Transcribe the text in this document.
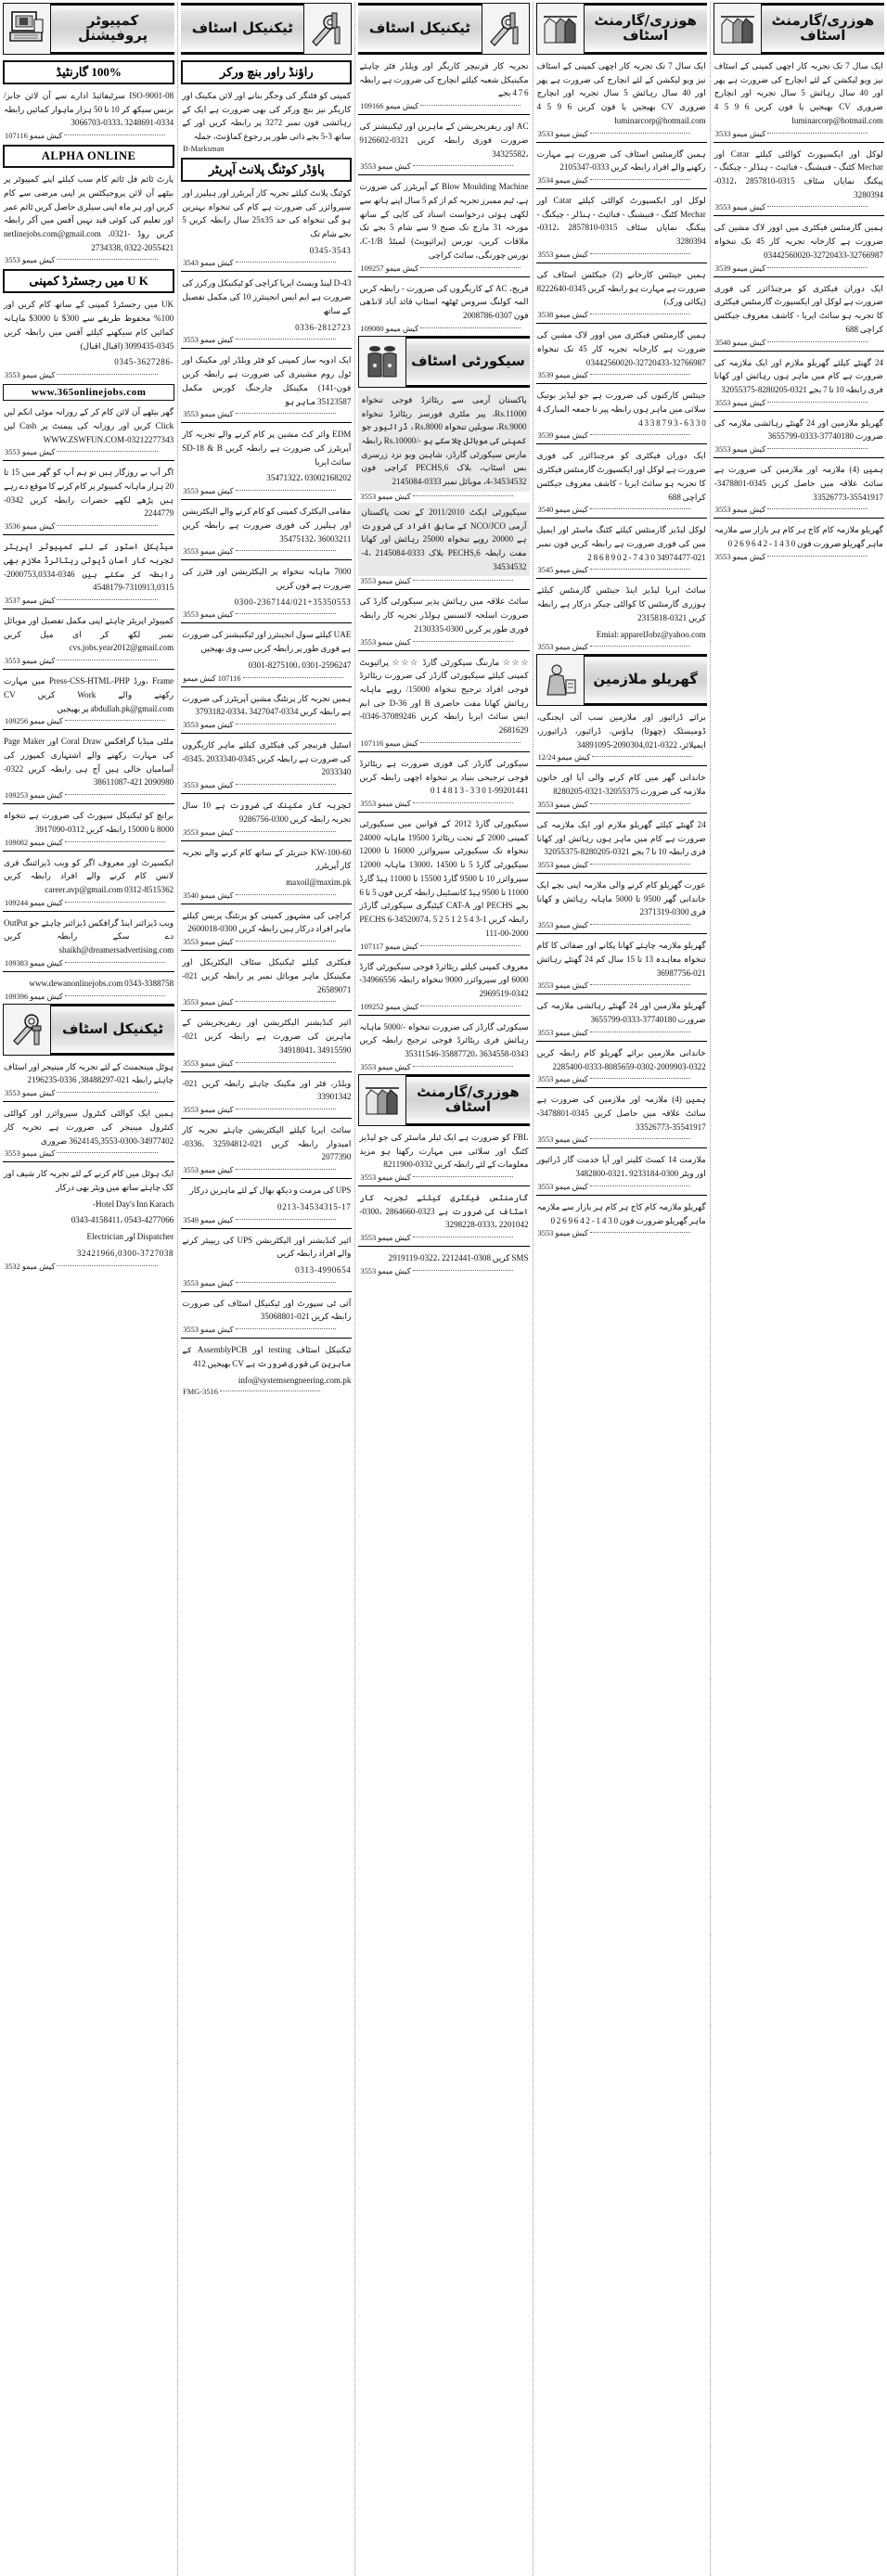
کمپیوٹر
پروفیشنل
100% گارنٹیڈ
ISO-9001-08 سرٹیفائیڈ ادارے سے آن لائن جابز/ بزنس سیکھ کر 10 تا 50 ہزار ماہوار کمائیں رابطہ 0334-3248691 ،0333-3066703
کیش میمو 107116
ALPHA ONLINE
پارٹ ٹائم فل ٹائم کام سب کیلئے اپنے کمپیوٹر پر بیٹھے آن لائن پروجیکٹس پر اپنی مرضی سے کام کریں اور ہر ماہ اپنی سیلری حاصل کریں ٹائم عمر اور تعلیم کی کوئی قید نہیں آفس میں آکر رابطہ کریں روڈ netlinejobs.com@gmail.com ،0321-2734338, 0322-2055421
کیش میمو 3553
U K میں رجسٹرڈ کمپنی
UK میں رجسٹرڈ کمپنی کے ساتھ کام کریں اور 100% محفوظ طریقے سے 300$ تا 3000$ ماہانہ کمائیں کام سیکھنے کیلئے آفس میں رابطہ کریں 0345-3099435 (اقبال اقبال)
-0345-3627286
کیش میمو 3553
www.365onlinejobs.com
گھر بیٹھے آن لائن کام کر کے روزانہ موٹی انکم لیں Click کریں اور روزانہ کی پیمنٹ پر Cash لیں WWW.ZSWFUN.COM-03212277343
کیش میمو 3553
اگر آپ بے روزگار ہیں تو ہم آپ کو گھر میں 15 تا 20 ہزار ماہانہ کمپیوٹر پر کام کرنے کا موقع دے رہے ہیں پڑھے لکھے حضرات رابطہ کریں 0342-2244779
کیش میمو 3536
میڈیکل اسٹور کے لئے کمپیوٹر آپریٹر تجربہ کار آسان ڈیوٹی ریٹائرڈ ملازم بھی رابطہ کر سکتے ہیں 0346-2000753,0334-7310913,0315-4548179
کیش میمو 3537
کمپیوٹر اپریٹر چاہئے اپنی مکمل تفصیل اور موبائل نمبر لکھ کر ای میل کریں cvs.jobs.year2012@gmail.com
کیش میمو 3553
Frame ،ورڈ Press-CSS-HTML-PHP میں مہارت رکھنے والے Work کریں CV abdullah.pk@gmail.com پر بھیجیں
کیش میمو 109256
ملٹی میڈیا گرافکس Coral Draw اور Page Maker کی مہارت رکھنے والے اشتہاری کمپوزر کی آسامیاں خالی ہیں آج ہی رابطہ کریں 0322-2090980 421-38611087
کیش میمو 109253
برانچ کو ٹیکنیکل سپورٹ کی ضرورت ہے تنخواہ 8000 تا 15000 رابطہ کریں 0312-3917090
کیش میمو 109082
ایکسپرٹ اور معروف اگر کو ویب ڈیزائننگ فری لانس کام کرنے والے افراد رابطہ کریں career.avp@gmail.com 0312-8515362
کیش میمو 109244
ویب ڈیزائنر اینڈ گرافکس ڈیزائنر چاہئے جو OutPut دے سکے رابطہ کریں shaikh@dreamersadvertising.com
کیش میمو 109383
www.dewanonlinejobs.com 0343-3388758
کیش میمو 109396
ٹیکنیکل اسٹاف
ہوٹل مینجمنٹ کے لئے تجربہ کار مینیجر اور اسٹاف چاہئے رابطہ 021-38488297, 0336-2196235
کیش میمو 3553
ہمیں ایک کوالٹی کنٹرول سپروائزر اور کوالٹی کنٹرول مینیجر کی ضرورت ہے تجربہ کار 34977402-0300-3624145,3553 ضروری
کیش میمو 3553
ایک ہوٹل میں کام کرنے کے لئے تجربہ کار شیف اور کک چاہئے ساتھ میں ویٹر بھی درکار
Hotel Day's Inn Karach-
0543-4277066 ،0343-4158411
Dispatcher اور Electrician
32421966,0300-3727038
کیش میمو 3532
ٹیکنیکل اسٹاف
راؤنڈ راور بنچ ورکر
کمپنی کو فٹنگز کی وجگر بنانے اور لائن مکینک اور کاریگر نیز بنچ ورکر کی بھی ضرورت ہے ایک کے رہائشی فون نمبر 3272 پر رابطہ کریں اور کے ساتھ 3-5 بجے ذاتی طور پر رجوع کماؤنٹ، جملہ
B-Marksman
پاؤڈر کوٹنگ پلانٹ آپریٹر
کوٹنگ پلانٹ کیلئے تجربہ کار آپریٹرز اور ہیلپرز اور سپروائزر کی ضرورت ہے کام کی تنخواہ بہترین ہو گی تنخواہ کی حد 25x35 سال رابطہ کریں 5 بجے شام تک
0345-3543
کیش میمو 3543
D-43 لینڈ ویسٹ ایریا کراچی کو ٹیکنیکل ورکرز کی ضرورت ہے ایم ایس انجینئرز 10 کی مکمل تفصیل کے ساتھ
0336-2812723
کیش میمو 3553
ایک ادویہ ساز کمپنی کو فٹر ویلڈر اور مکینک اور ٹول روم مشینری کی ضرورت ہے رابطہ کریں فون-141) مکینکل چارجنگ کورس مکمل 35123587 ماہر ہو
کیش میمو 3553
EDM وائر کٹ مشین پر کام کرنے والے تجربہ کار آپریٹرز کی ضرورت ہے رابطہ کریں SD-18 & B سائٹ ایریا
03002168202 ،35471322
کیش میمو 3553
مقامی الیکٹرک کمپنی کو کام کرنے والے الیکٹریشن اور ہیلپرز کی فوری ضرورت ہے رابطہ کریں 36003211 ،35475132
کیش میمو 3553
7000 ماہانہ تنخواہ پر الیکٹریشن اور فٹرز کی ضرورت ہے فون کریں
0300-2367144/021+35350553
کیش میمو 3553
UAE کیلئے سول انجینئرز اور ٹیکنیشنز کی ضرورت ہے فوری طور پر رابطہ کریں سی وی بھیجیں
0301-2596247 ،0301-8275100
107116 کیش میمو
ہمیں تجربہ کار پرنٹنگ مشین آپریٹرز کی ضرورت ہے رابطہ کریں 0334-3427047 ،0334-3793182
کیش میمو 3553
اسٹیل فرنیچر کی فیکٹری کیلئے ماہر کاریگروں کی ضرورت ہے رابطہ کریں 0345-2033340 ،0345-2033340
کیش میمو 3553
تجربہ کار مکینک کی ضرورت ہے 10 سال تجربہ رابطہ کریں 0300-9286756
کیش میمو 3553
KW-100-60 جنریٹر کے ساتھ کام کرنے والے تجربہ کار آپریٹرز
maxoil@maxim.pk
کیش میمو 3540
کراچی کی مشہور کمپنی کو پرنٹنگ پریس کیلئے ماہر افراد درکار ہیں رابطہ کریں 0300-2600018
کیش میمو 3553
فیکٹری کیلئے ٹیکنیکل سٹاف الیکٹریکل اور مکینیکل ماہر موبائل نمبر پر رابطہ کریں 021-26589071
کیش میمو 3553
ائیر کنڈیشنر الیکٹریشن اور ریفریجریشن کے ماہرین کی ضرورت ہے رابطہ کریں 021-34915590 ،34918041
کیش میمو 3553
ویلڈر، فٹر اور مکینک چاہئے رابطہ کریں 021-33901342
کیش میمو 3553
سائٹ ایریا کیلئے الیکٹریشن چاہئے تجربہ کار امیدوار رابطہ کریں 021-32594812 ،0336-2077390
کیش میمو 3553
UPS کی مرمت و دیکھ بھال کے لئے ماہرین درکار
0213-34534315-17
کیش میمو 3549
ائیر کنڈیشنر اور الیکٹریشن UPS کی ریپیئر کرنے والے افراد رابطہ کریں
0313-4990654
کیش میمو 3553
آئی ٹی سپورٹ اور ٹیکنیکل اسٹاف کی ضرورت رابطہ کریں 021-35068801
کیش میمو 3553
ٹیکنیکل اسٹاف testing اور AssemblyPCB کے ماہرین کی فوری ضرورت ہے CV بھیجیں 412
info@systemsengneering.com.pk
FMG-3516
ٹیکنیکل اسٹاف
تجربہ کار فرنیچر کاریگر اور ویلڈر فٹر چاہئے مکینیکل شعبہ کیلئے انچارج کی ضرورت ہے رابطہ 6 7 4 بجے
کیش میمو 109166
AC اور ریفریجریشن کے ماہرین اور ٹیکنیشنز کی ضرورت فوری رابطہ کریں 0321-9126602 ،34325582
کیش میمو 3553
Blow Moulding Machine کے آپریٹرز کی ضرورت ہے، ٹیم ممبرز تجربہ کم از کم 5 سال اپنے ہاتھ سے لکھی ہوئی درخواست اسناد کی کاپی کے ساتھ مورخہ 31 مارچ تک صبح 9 سے شام 5 بجے تک ملاقات کریں، نورس (پرائیویٹ) لمیٹڈ C-1/B، نورس چورنگی، سائٹ کراچی
کیش میمو 109257
فریج، AC کے کاریگروں کی ضرورت - رابطہ کریں المہ کولنگ سروس ٹھٹھہ اسٹاپ قائد آباد لانڈھی فون 0307-2008786
کیش میمو 109080
سیکورٹی اسٹاف
پاکستان آرمی سے ریٹائرڈ فوجی تنخواہ Rs.11000، پیر ملٹری فورسز ریٹائرڈ تنخواہ Rs.9000، سویلین تنخواہ Rs.8000، ڈرائیور جو کمپنی کی موبائل چلا سکے ہو -/Rs.10000 رابطہ مارس سیکورٹی گارڈز، شاہین ویو نزد زرسری بس اسٹاپ، بلاک PECHS,6 کراچی فون 34534532-4، موبائل نمبر 0333-2145084
کیش میمو 3553
سیکیورٹی ایکٹ 2011/2010 کے تحت پاکستان آرمی NCO/JCO کے سابق افراد کی ضرورت ہے 20000 روپے تنخواہ 25000 رہائش اور کھانا مفت رابطہ PECHS,6 بلاک 0333-2145084 ،4-34534532
کیش میمو 3553
سائٹ علاقہ میں رہائش پذیر سیکورٹی گارڈ کی ضرورت اسلحہ لائسنس ہولڈر تجربہ کار رابطہ فوری طور پر کریں 0300-2130335
کیش میمو 3553
☆☆☆ مارننگ سیکورٹی گارڈ ☆☆☆ پرائیویٹ کمپنی کیلئے سیکیورٹی گارڈز کی ضرورت ریٹائرڈ فوجی افراد ترجیح تنخواہ 15000/ روپے ماہانہ رہائش کھانا مفت حاضری B اور D-36 جی ایم ایس سائٹ ایریا رابطہ کریں 37089246-0346-2681629
کیش میمو 107116
سیکورٹی گارڈز کی فوری ضرورت ہے ریٹائرڈ فوجی ترجیحی بنیاد پر تنخواہ اچھی رابطہ کریں 99201441-1 0 3 3 - 3 1 8 4 1 0
کیش میمو 3553
سیکیورٹی گارڈ 2012 کے قوانین میں سیکیورٹی کمپنی 2000 کے تحت ریٹائرڈ 19500 ماہانہ 24000 تنخواہ تک سیکیورٹی سپروائزر 16000 تا 12000 سیکیورٹی گارڈ 5 تا 14500 ،13000 ماہانہ 12000 سپروائزر 10 تا 9500 گارڈ 15500 تا 11000 ہیڈ گارڈ 11000 تا 9500 ہیڈ کانسٹیبل رابطہ کریں فون 5 تا 6 بجے PECHS اور CAT-A کیٹیگری سیکورٹی گارڈز رابطہ کریں 1-3 4 5 2 1 5 2 5 ،34520074-6 PECHS 111-00-2000
کیش میمو 107117
معروف کمپنی کیلئے ریٹائرڈ فوجی سیکیورٹی گارڈ 6000 اور سپروائزر 9000 تنخواہ رابطہ 34966556-0342-2969519
کیش میمو 109252
سیکورٹی گارڈز کی ضرورت تنخواہ -/5000 ماہانہ رہائش فری ریٹائرڈ فوجی ترجیح رابطہ کریں 0343-3634558 ،35887720-35311546
کیش میمو 3553
ھوزری/گارمنٹ
اسٹاف
FBL کو ضرورت ہے ایک ٹیلر ماسٹر کی جو لیڈیز کٹنگ اور سلائی میں مہارت رکھتا ہو مزید معلومات کے لئے رابطہ کریں 0332-8211900
کیش میمو 3553
گارمنٹس فیکٹری کیلئے تجربہ کار اسٹاف کی ضرورت ہے 0323-2864660 ،0300-2201042 ،0333-3298228
کیش میمو 3553
SMS کریں 0308-2212441 ،0322-2919119
کیش میمو 3553
ھوزری/گارمنٹ
اسٹاف
ایک سال 7 تک تجربہ کار اچھی کمپنی کے اسٹاف نیز ویو لیکشن کے لئے انچارج کی ضرورت ہے پھر اور 40 سال رہائش 5 سال تجربہ اور انچارج ضروری CV بھیجیں یا فون کریں 6 9 5 4 luminarcorp@hotmail.com
کیش میمو 3533
ہمیں گارمنٹس اسٹاف کی ضرورت ہے مہارت رکھنے والے افراد رابطہ کریں 0333-2105347
کیش میمو 3534
لوکل اور ایکسپورٹ کوالٹی کیلئے Catar اور Mechar کٹنگ - فنیشنگ - فنائیٹ - ہنڈلر - چیکنگ - پیکنگ نمایاں سٹاف 0315-2857810 ،0312-3280394
کیش میمو 3553
ہمیں جینٹس کارخانے (2) جیکٹس اسٹاف کی ضرورت ہے مہارت ہو رابطہ کریں 0345-8222640 (پکائی ورک)
کیش میمو 3538
ہمیں گارمنٹس فیکٹری میں اوور لاک مشین کی ضرورت ہے کارخانہ تجربہ کار 45 تک تنخواہ 32766987-32720433-03442560020
کیش میمو 3539
جینٹس کارکنوں کی ضرورت ہے جو لیڈیز بوتیک سلائی میں ماہر ہوں رابطہ پیر تا جمعہ المبارک 4 0 3 3 6 - 3 9 7 8 3 3 4
کیش میمو 3539
ایک دوران فیکٹری کو مرچنڈائزر کی فوری ضرورت ہے لوکل اور ایکسپورٹ گارمنٹس فیکٹری کا تجربہ ہو سائٹ ایریا - کاشف معروف جیکٹس کراچی 688
کیش میمو 3540
لوکل لیڈیز گارمنٹس کیلئے کٹنگ ماسٹر اور ایمپل مین کی فوری ضرورت ہے رابطہ کریں فون نمبر 021-34974477 0 3 4 7 - 2 0 9 8 6 8 2
کیش میمو 3545
سائٹ ایریا لیڈیز اینڈ جینٹس گارمنٹس کیلئے ہوزری گارمنٹس کا کوالٹی چیکر درکار ہے رابطہ کریں 0321-2315818
Emial: apparelJobz@yahoo.com
کیش میمو 3553
گھریلو ملازمین
برائے ڈرائیور اور ملازمین سب آئی ایجنگی، ڈومیسٹک (چھوٹا) ہاؤس، ڈرائیور، ڈرائیورز، ایمپلائز، 0322-2090304,021-34891095
کیش میمو 12/24
خاندانی گھر میں کام کرنے والی آیا اور خاتون ملازمہ کی ضرورت 32055375-0321-8280205
کیش میمو 3553
24 گھنٹے کیلئے گھریلو ملازم اور ایک ملازمہ کی ضرورت ہے کام میں ماہر ہوں رہائش اور کھانا فری رابطہ 10 تا 7 بجے 0321-8280205-32055375
کیش میمو 3553
عورت گھریلو کام کرنے والی ملازمہ اپنی بچے ایک خاندانی گھر 9500 تا 5000 ماہانہ رہائش و کھانا فری 0300-2371319
کیش میمو 3553
گھریلو ملازمہ چاہئے کھانا پکانے اور صفائی کا کام تنخواہ معاہدہ 13 تا 15 سال کم 24 گھنٹے رہائش 021-36987756
کیش میمو 3553
گھریلو ملازمین اور 24 گھنٹے رہائشی ملازمہ کی ضرورت 37740180-0333-3655799
کیش میمو 3553
خاندانی ملازمین برائے گھریلو کام رابطہ کریں 0322-2009903-0302-8085659-0333-2285400
کیش میمو 3553
ہمیں (4) ملازمہ اور ملازمین کی ضرورت ہے سائٹ علاقہ میں حاصل کریں 0345-3478801-35541917-33526773
کیش میمو 3553
ملازمت 14 کسٹ کلینر اور آیا خدمت گار ڈرائیور اور ویٹر 0300-9233184 ،0321-3482800
کیش میمو 3553
گھریلو ملازمہ کام کاج ہر کام ہر بازار سے ملازمہ ماہر گھریلو ضرورت فون 0 3 4 1 - 2 4 6 9 6 2 0
کیش میمو 3553
ھوزری/گارمنٹ
اسٹاف
ایک سال 7 تک تجربہ کار اچھی کمپنی کے اسٹاف نیز ویو لیکشن کے لئے انچارج کی ضرورت ہے پھر اور 40 سال رہائش 5 سال تجربہ اور انچارج ضروری CV بھیجیں یا فون کریں 6 9 5 4 luminarcorp@hotmail.com
کیش میمو 3533
لوکل اور ایکسپورٹ کوالٹی کیلئے Catar اور Mechar کٹنگ - فنیشنگ - فنائیٹ - ہنڈلر - چیکنگ - پیکنگ نمایاں سٹاف 0315-2857810 ،0312-3280394
کیش میمو 3553
ہمیں گارمنٹس فیکٹری میں اوور لاک مشین کی ضرورت ہے کارخانہ تجربہ کار 45 تک تنخواہ 32766987-32720433-03442560020
کیش میمو 3539
ایک دوران فیکٹری کو مرچنڈائزر کی فوری ضرورت ہے لوکل اور ایکسپورٹ گارمنٹس فیکٹری کا تجربہ ہو سائٹ ایریا - کاشف معروف جیکٹس کراچی 688
کیش میمو 3540
24 گھنٹے کیلئے گھریلو ملازم اور ایک ملازمہ کی ضرورت ہے کام میں ماہر ہوں رہائش اور کھانا فری رابطہ 10 تا 7 بجے 0321-8280205-32055375
کیش میمو 3553
گھریلو ملازمین اور 24 گھنٹے رہائشی ملازمہ کی ضرورت 37740180-0333-3655799
کیش میمو 3553
ہمیں (4) ملازمہ اور ملازمین کی ضرورت ہے سائٹ علاقہ میں حاصل کریں 0345-3478801-35541917-33526773
کیش میمو 3553
گھریلو ملازمہ کام کاج ہر کام ہر بازار سے ملازمہ ماہر گھریلو ضرورت فون 0 3 4 1 - 2 4 6 9 6 2 0
کیش میمو 3553
